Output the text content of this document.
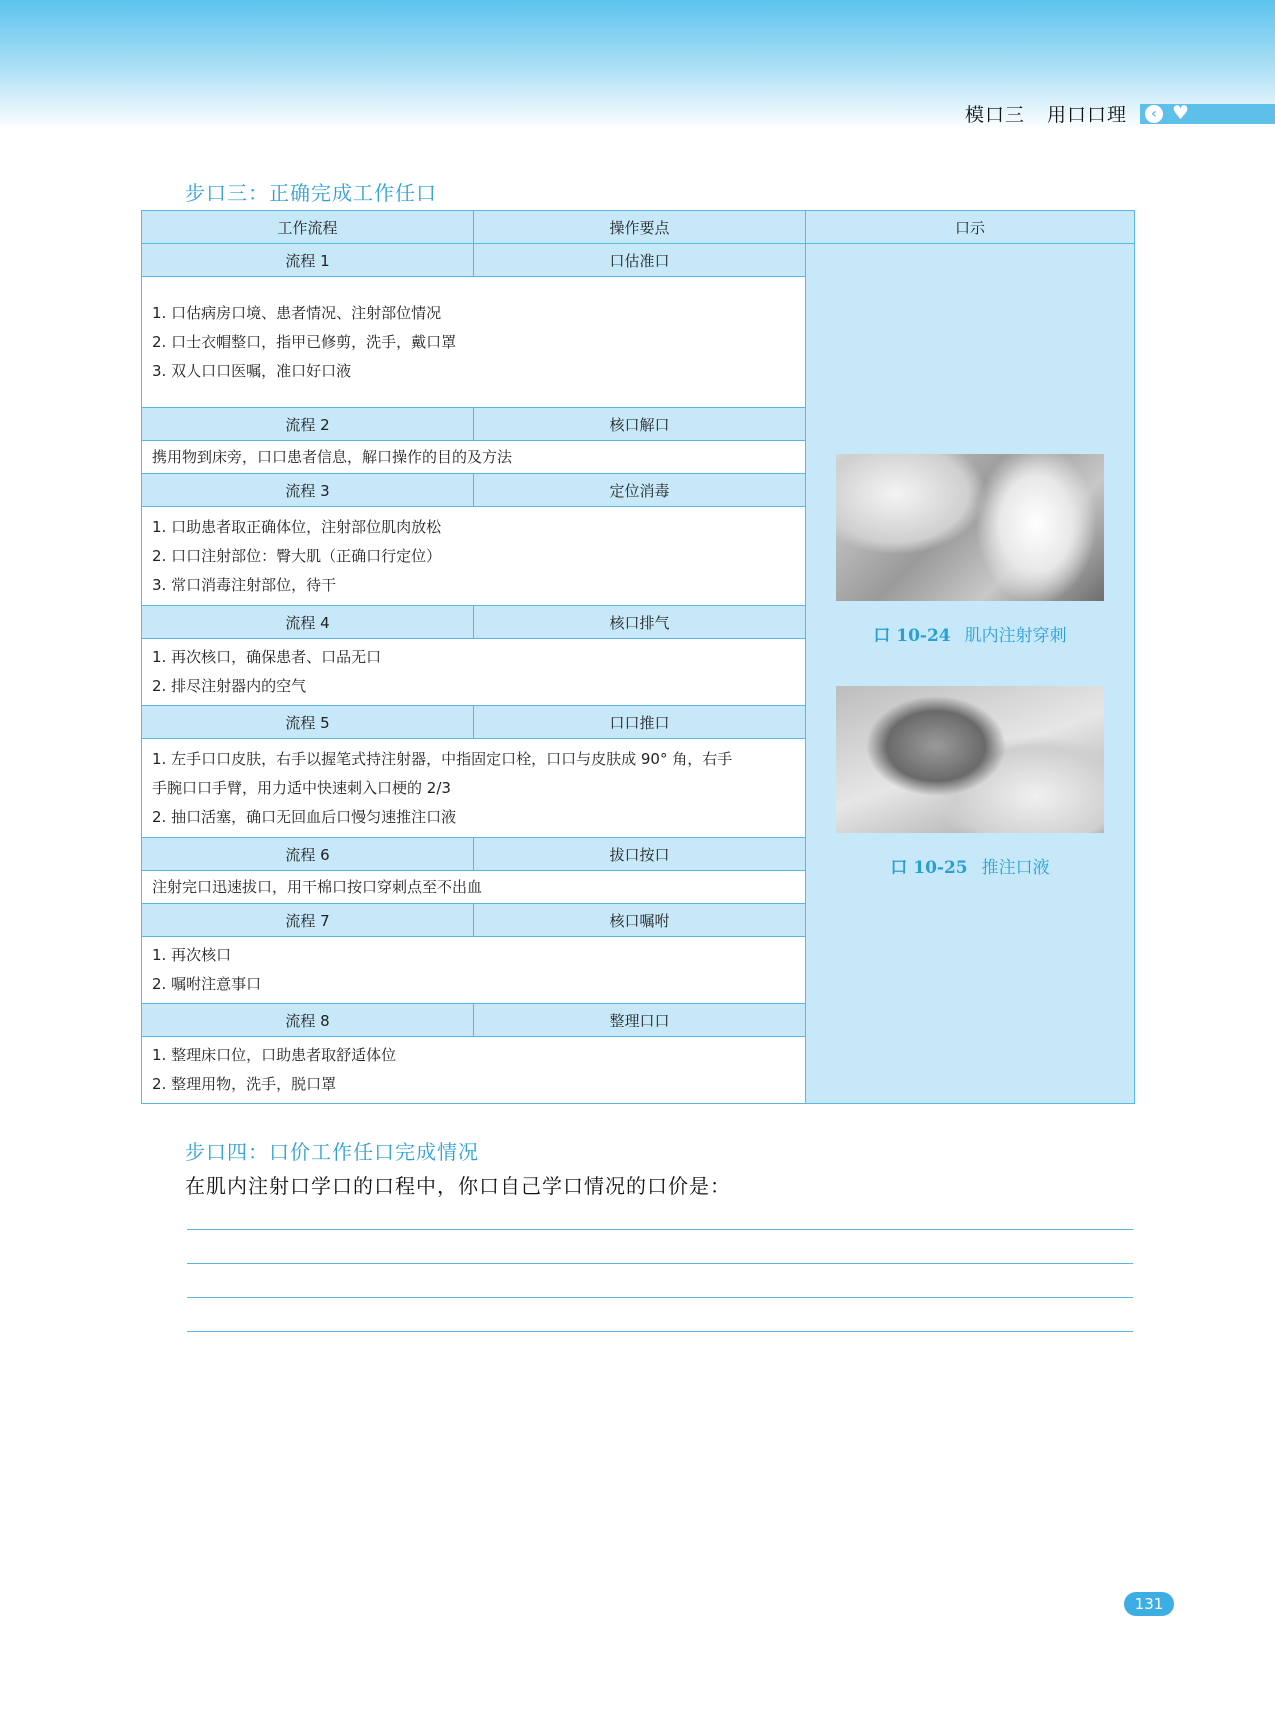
模口三 用口口理	‹ ♥
步口三：正确完成工作任口
工作流程	操作要点	口示
流程 1	口估准口	口 10-24 肌内注射穿刺
口 10-25 推注口液

1. 口估病房口境、患者情况、注射部位情况
2. 口士衣帽整口，指甲已修剪，洗手，戴口罩
3. 双人口口医嘱，准口好口液		

流程 2	核口解口	

携用物到床旁，口口患者信息，解口操作的目的及方法		

流程 3	定位消毒	

1. 口助患者取正确体位，注射部位肌肉放松
2. 口口注射部位：臀大肌（正确口行定位）
3. 常口消毒注射部位，待干		

流程 4	核口排气	

1. 再次核口，确保患者、口品无口
2. 排尽注射器内的空气		

流程 5	口口推口	

1. 左手口口皮肤，右手以握笔式持注射器，中指固定口栓，口口与皮肤成 90° 角，右手
手腕口口手臂，用力适中快速刺入口梗的 2/3
2. 抽口活塞，确口无回血后口慢匀速推注口液		

流程 6	拔口按口	

注射完口迅速拔口，用干棉口按口穿刺点至不出血		

流程 7	核口嘱咐	

1. 再次核口
2. 嘱咐注意事口		

流程 8	整理口口	

1. 整理床口位，口助患者取舒适体位
2. 整理用物，洗手，脱口罩		
步口四：口价工作任口完成情况
在肌内注射口学口的口程中，你口自己学口情况的口价是：
131
